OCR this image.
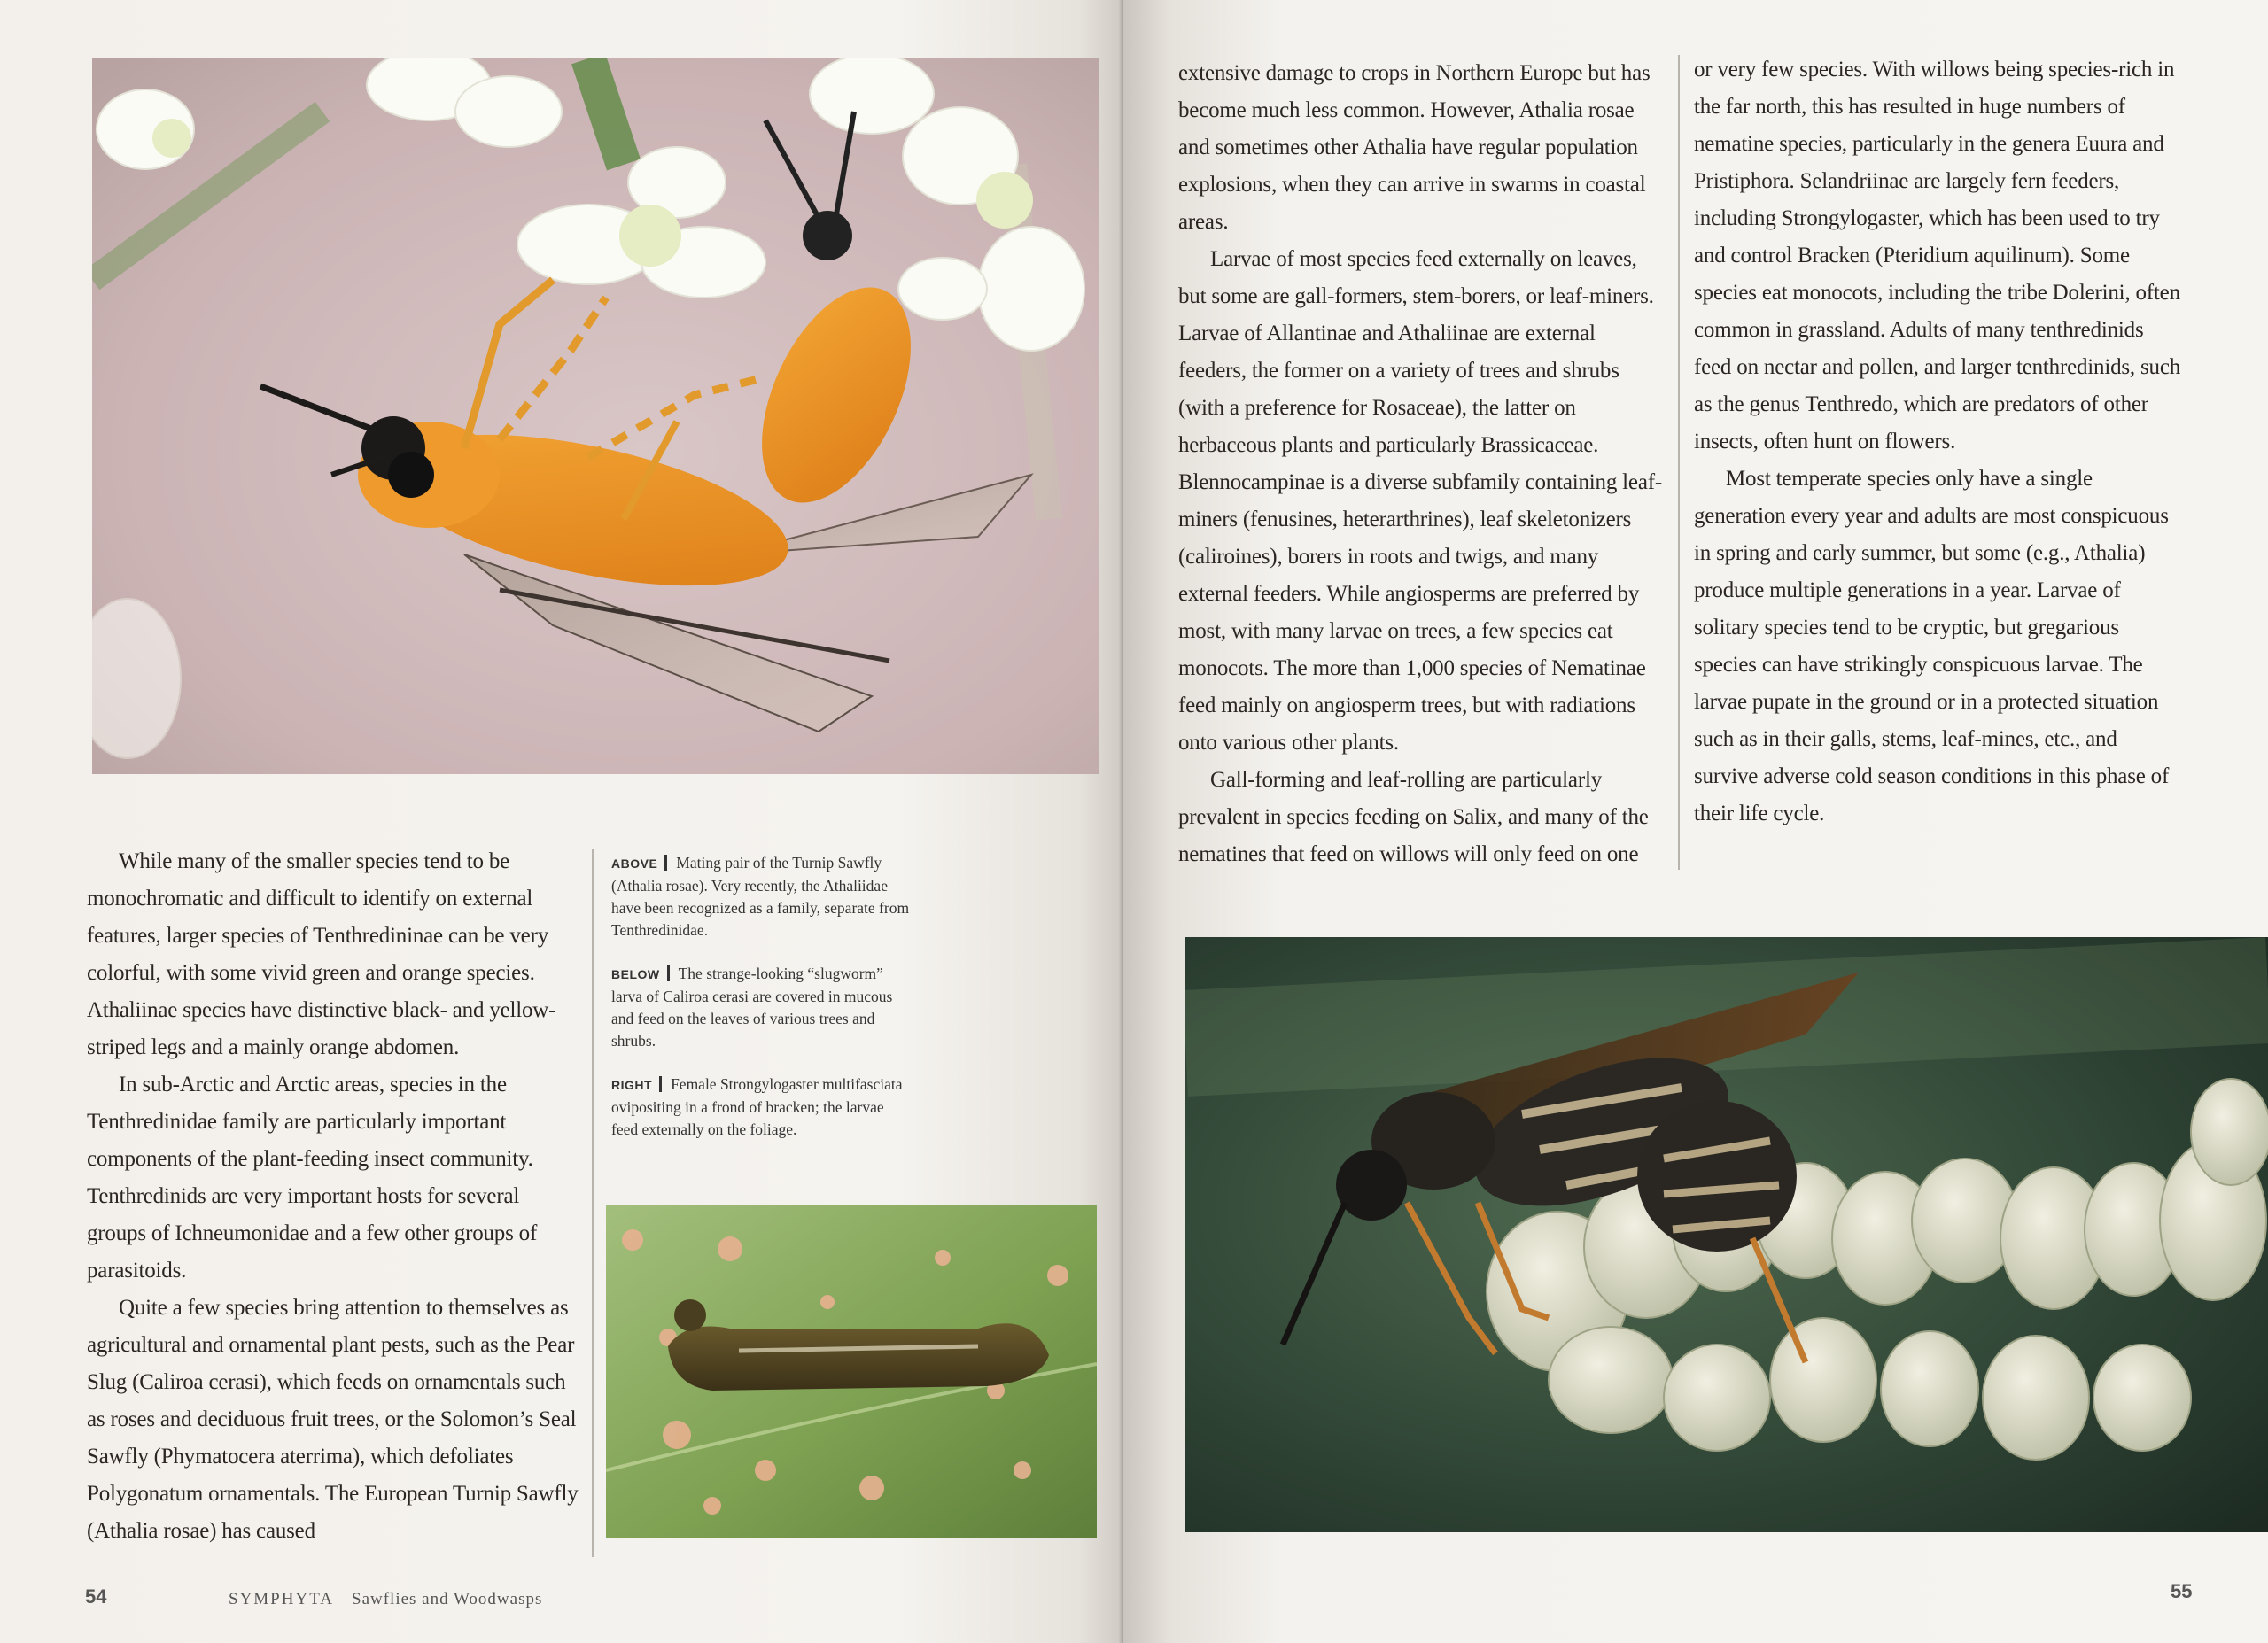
While many of the smaller species tend to be monochromatic and difficult to identify on external features, larger species of Tenthredininae can be very colorful, with some vivid green and orange species. Athaliinae species have distinctive black- and yellow-striped legs and a mainly orange abdomen.

In sub-Arctic and Arctic areas, species in the Tenthredinidae family are particularly important components of the plant-feeding insect community. Tenthredinids are very important hosts for several groups of Ichneumonidae and a few other groups of parasitoids.

Quite a few species bring attention to themselves as agricultural and ornamental plant pests, such as the Pear Slug (Caliroa cerasi), which feeds on ornamentals such as roses and deciduous fruit trees, or the Solomon’s Seal Sawfly (Phymatocera aterrima), which defoliates Polygonatum ornamentals. The European Turnip Sawfly (Athalia rosae) has caused

ABOVE Mating pair of the Turnip Sawfly (Athalia rosae). Very recently, the Athaliidae have been recognized as a family, separate from Tenthredinidae.

BELOW The strange-looking “slugworm” larva of Caliroa cerasi are covered in mucous and feed on the leaves of various trees and shrubs.

RIGHT Female Strongylogaster multifasciata ovipositing in a frond of bracken; the larvae feed externally on the foliage.

54	SYMPHYTA—Sawflies and Woodwasps

extensive damage to crops in Northern Europe but has become much less common. However, Athalia rosae and sometimes other Athalia have regular population explosions, when they can arrive in swarms in coastal areas.

Larvae of most species feed externally on leaves, but some are gall-formers, stem-borers, or leaf-miners. Larvae of Allantinae and Athaliinae are external feeders, the former on a variety of trees and shrubs (with a preference for Rosaceae), the latter on herbaceous plants and particularly Brassicaceae. Blennocampinae is a diverse subfamily containing leaf-miners (fenusines, heterarthrines), leaf skeletonizers (caliroines), borers in roots and twigs, and many external feeders. While angiosperms are preferred by most, with many larvae on trees, a few species eat monocots. The more than 1,000 species of Nematinae feed mainly on angiosperm trees, but with radiations onto various other plants.

Gall-forming and leaf-rolling are particularly prevalent in species feeding on Salix, and many of the nematines that feed on willows will only feed on one

or very few species. With willows being species-rich in the far north, this has resulted in huge numbers of nematine species, particularly in the genera Euura and Pristiphora. Selandriinae are largely fern feeders, including Strongylogaster, which has been used to try and control Bracken (Pteridium aquilinum). Some species eat monocots, including the tribe Dolerini, often common in grassland. Adults of many tenthredinids feed on nectar and pollen, and larger tenthredinids, such as the genus Tenthredo, which are predators of other insects, often hunt on flowers.

Most temperate species only have a single generation every year and adults are most conspicuous in spring and early summer, but some (e.g., Athalia) produce multiple generations in a year. Larvae of solitary species tend to be cryptic, but gregarious species can have strikingly conspicuous larvae. The larvae pupate in the ground or in a protected situation such as in their galls, stems, leaf-mines, etc., and survive adverse cold season conditions in this phase of their life cycle.

55
